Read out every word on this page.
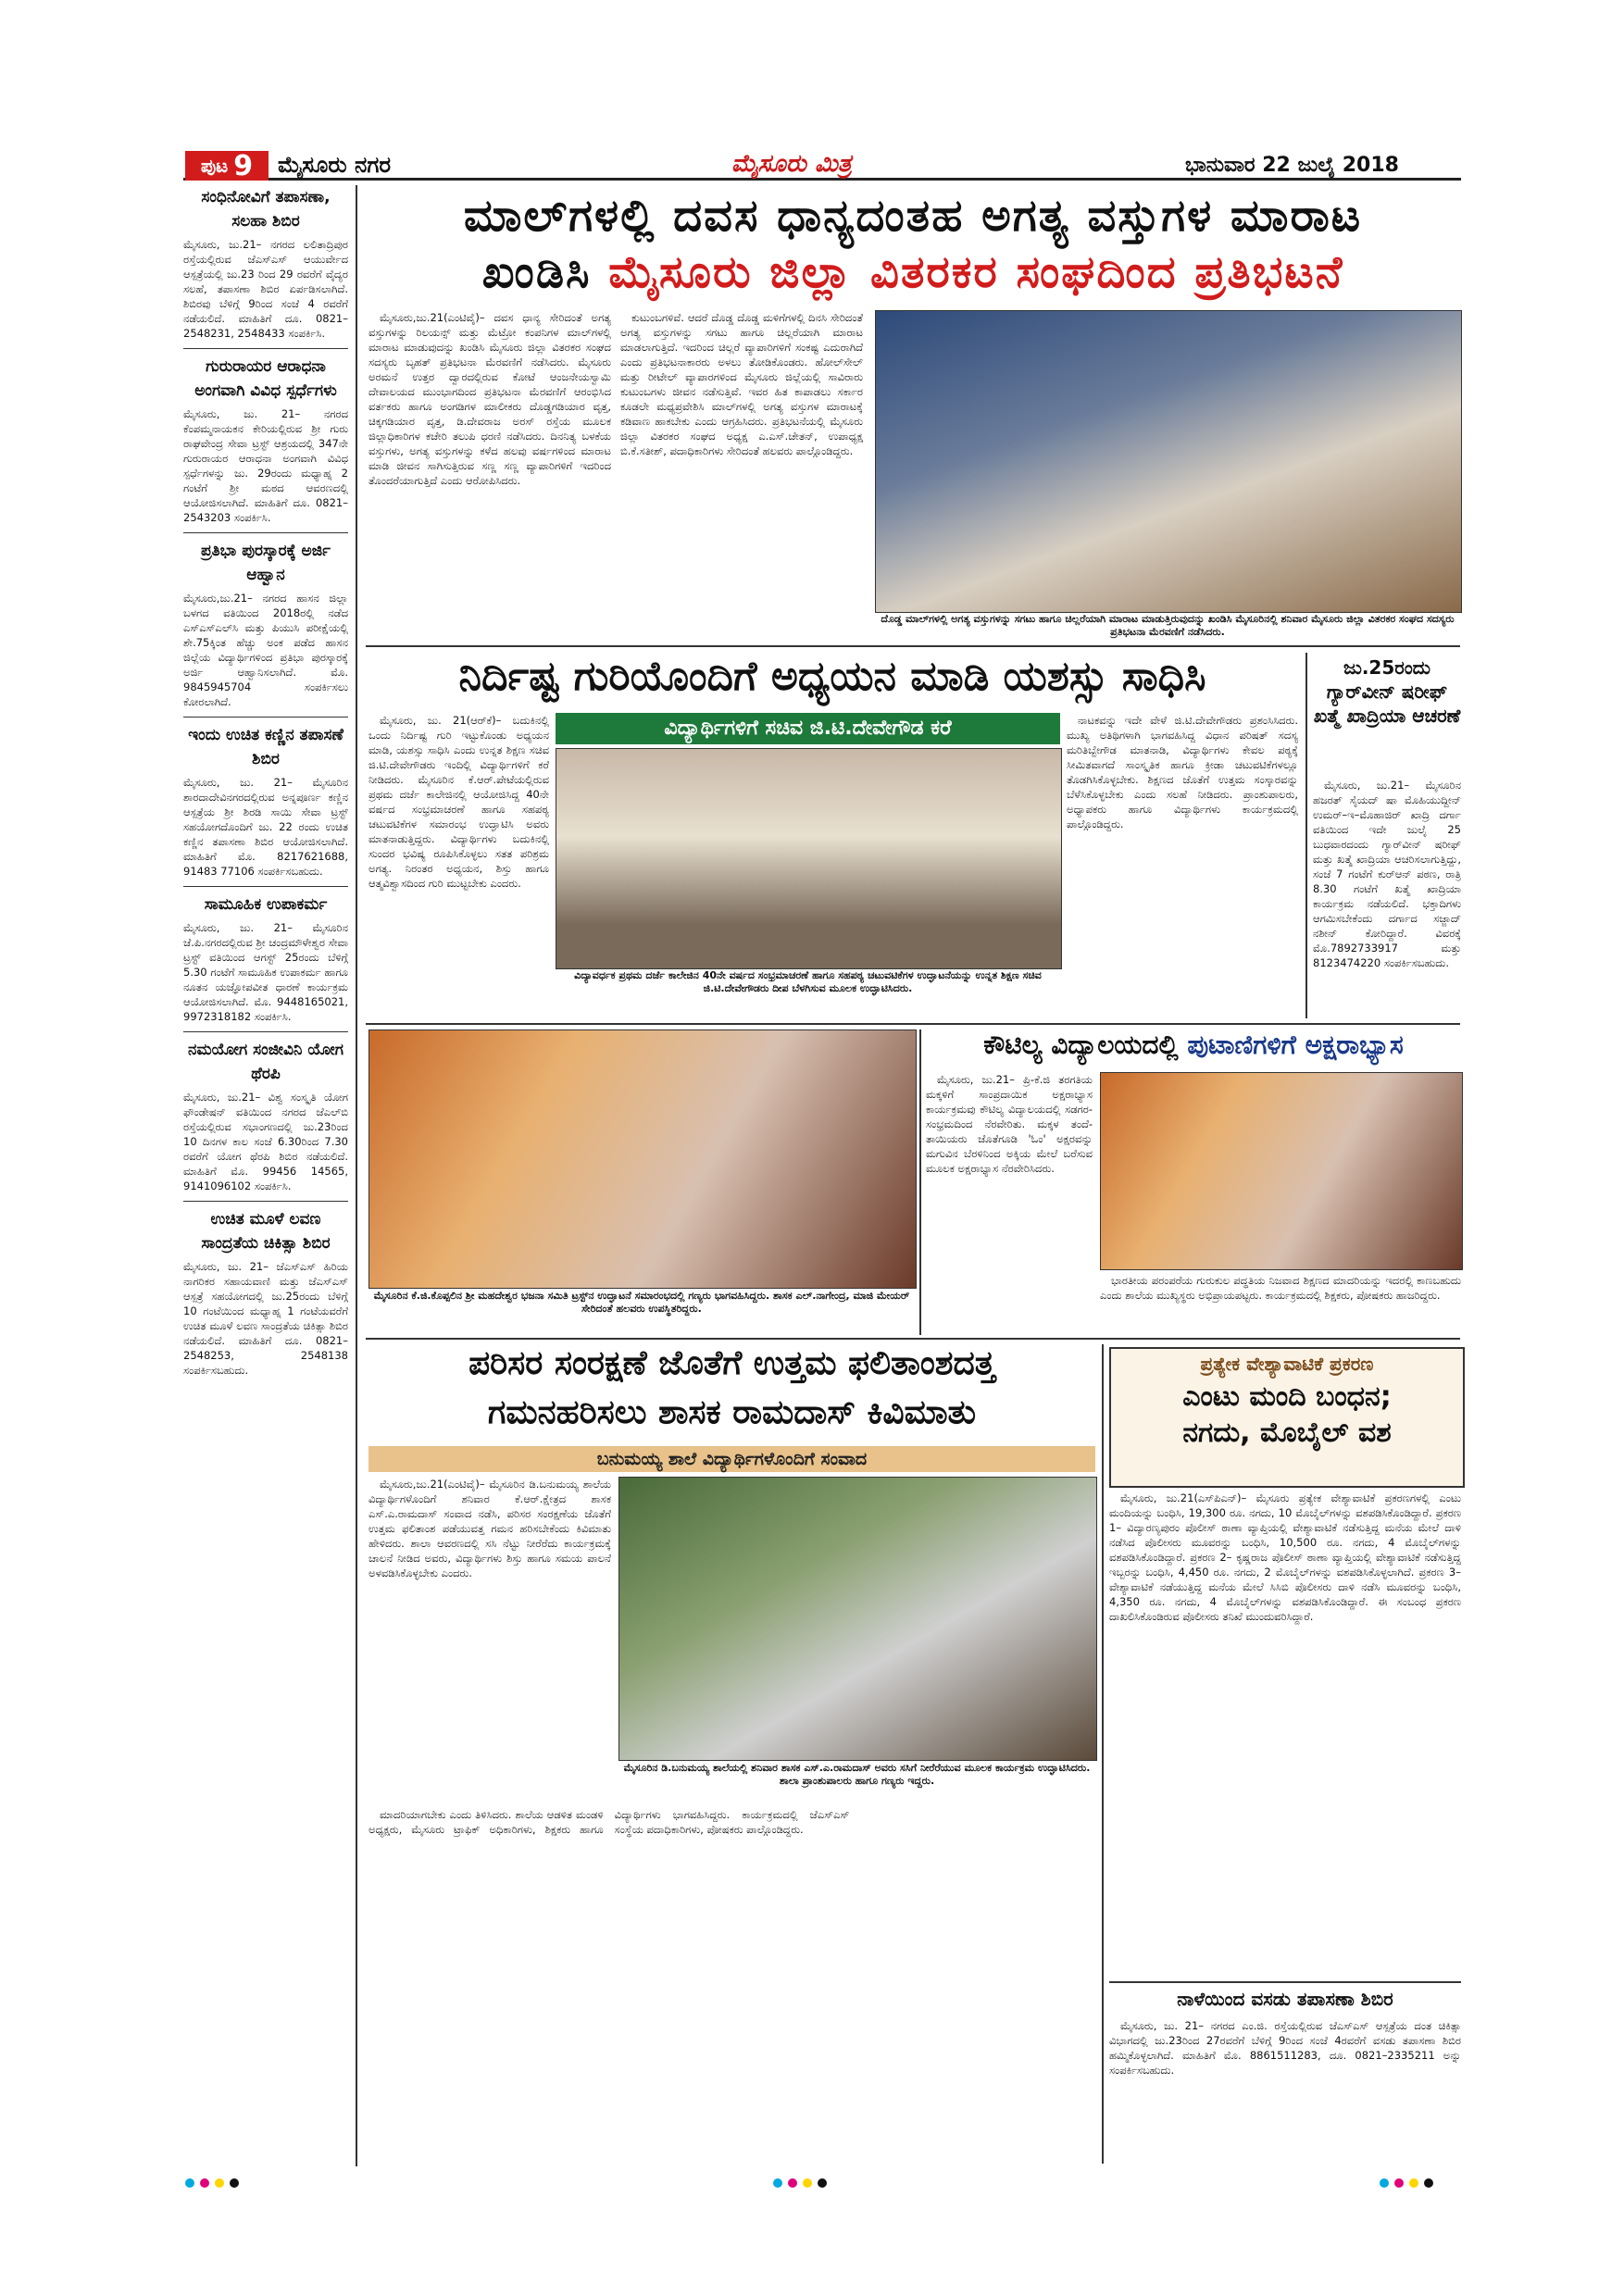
ಪುಟ 9 ಮೈಸೂರು ನಗರ	ಮೈಸೂರು ಮಿತ್ರ	ಭಾನುವಾರ 22 ಜುಲೈ 2018
ಸಂಧಿನೋವಿಗೆ ತಪಾಸಣಾ, ಸಲಹಾ ಶಿಬಿರ
ಮೈಸೂರು, ಜು.21– ನಗರದ ಲಲಿತಾದ್ರಿಪುರ ರಸ್ತೆಯಲ್ಲಿರುವ ಜೆಎಸ್‌ಎಸ್ ಆಯುರ್ವೇದ ಆಸ್ಪತ್ರೆಯಲ್ಲಿ ಜು.23 ರಿಂದ 29 ರವರೆಗೆ ವೈದ್ಯರ ಸಲಹೆ, ತಪಾಸಣಾ ಶಿಬಿರ ಏರ್ಪಡಿಸಲಾಗಿದೆ. ಶಿಬಿರವು ಬೆಳಿಗ್ಗೆ 9ರಿಂದ ಸಂಜೆ 4 ರವರೆಗೆ ನಡೆಯಲಿದೆ. ಮಾಹಿತಿಗೆ ದೂ. 0821–2548231, 2548433 ಸಂಪರ್ಕಿಸಿ.
ಗುರುರಾಯರ ಆರಾಧನಾ ಅಂಗವಾಗಿ ವಿವಿಧ ಸ್ಪರ್ಧೆಗಳು
ಮೈಸೂರು, ಜು. 21– ನಗರದ ಕೆಂಪಮ್ಮನಾಯಕನ ಕೇರಿಯಲ್ಲಿರುವ ಶ್ರೀ ಗುರು ರಾಘವೇಂದ್ರ ಸೇವಾ ಟ್ರಸ್ಟ್ ಆಶ್ರಯದಲ್ಲಿ 347ನೇ ಗುರುರಾಯರ ಆರಾಧನಾ ಅಂಗವಾಗಿ ವಿವಿಧ ಸ್ಪರ್ಧೆಗಳನ್ನು ಜು. 29ರಂದು ಮಧ್ಯಾಹ್ನ 2 ಗಂಟೆಗೆ ಶ್ರೀ ಮಠದ ಆವರಣದಲ್ಲಿ ಆಯೋಜಿಸಲಾಗಿದೆ. ಮಾಹಿತಿಗೆ ದೂ. 0821–2543203 ಸಂಪರ್ಕಿಸಿ.
ಪ್ರತಿಭಾ ಪುರಸ್ಕಾರಕ್ಕೆ ಅರ್ಜಿ ಆಹ್ವಾನ
ಮೈಸೂರು,ಜು.21– ನಗರದ ಹಾಸನ ಜಿಲ್ಲಾ ಬಳಗದ ವತಿಯಿಂದ 2018ರಲ್ಲಿ ನಡೆದ ಎಸ್‌ಎಸ್‌ಎಲ್‌ಸಿ ಮತ್ತು ಪಿಯುಸಿ ಪರೀಕ್ಷೆಯಲ್ಲಿ ಶೇ.75ಕ್ಕಿಂತ ಹೆಚ್ಚು ಅಂಕ ಪಡೆದ ಹಾಸನ ಜಿಲ್ಲೆಯ ವಿದ್ಯಾರ್ಥಿಗಳಿಂದ ಪ್ರತಿಭಾ ಪುರಸ್ಕಾರಕ್ಕೆ ಅರ್ಜಿ ಆಹ್ವಾನಿಸಲಾಗಿದೆ. ಮೊ. 9845945704 ಸಂಪರ್ಕಿಸಲು ಕೋರಲಾಗಿದೆ.
ಇಂದು ಉಚಿತ ಕಣ್ಣಿನ ತಪಾಸಣೆ ಶಿಬಿರ
ಮೈಸೂರು, ಜು. 21– ಮೈಸೂರಿನ ಶಾರದಾದೇವಿನಗರದಲ್ಲಿರುವ ಅನ್ನಪೂರ್ಣ ಕಣ್ಣಿನ ಆಸ್ಪತ್ರೆಯ ಶ್ರೀ ಶಿರಡಿ ಸಾಯಿ ಸೇವಾ ಟ್ರಸ್ಟ್ ಸಹಯೋಗದೊಂದಿಗೆ ಜು. 22 ರಂದು ಉಚಿತ ಕಣ್ಣಿನ ತಪಾಸಣಾ ಶಿಬಿರ ಆಯೋಜಿಸಲಾಗಿದೆ. ಮಾಹಿತಿಗೆ ಮೊ. 8217621688, 91483 77106 ಸಂಪರ್ಕಿಸಬಹುದು.
ಸಾಮೂಹಿಕ ಉಪಾಕರ್ಮ
ಮೈಸೂರು, ಜು. 21– ಮೈಸೂರಿನ ಜೆ.ಪಿ.ನಗರದಲ್ಲಿರುವ ಶ್ರೀ ಚಂದ್ರಮೌಳೇಶ್ವರ ಸೇವಾ ಟ್ರಸ್ಟ್ ವತಿಯಿಂದ ಆಗಸ್ಟ್ 25ರಂದು ಬೆಳಿಗ್ಗೆ 5.30 ಗಂಟೆಗೆ ಸಾಮೂಹಿಕ ಉಪಾಕರ್ಮ ಹಾಗೂ ನೂತನ ಯಜ್ಞೋಪವೀತ ಧಾರಣೆ ಕಾರ್ಯಕ್ರಮ ಆಯೋಜಿಸಲಾಗಿದೆ. ಮೊ. 9448165021, 9972318182 ಸಂಪರ್ಕಿಸಿ.
ನಮಯೋಗ ಸಂಜೀವಿನಿ ಯೋಗ ಥೆರಪಿ
ಮೈಸೂರು, ಜು.21– ವಿಶ್ವ ಸಂಸ್ಕೃತಿ ಯೋಗ ಫೌಂಡೇಷನ್ ವತಿಯಿಂದ ನಗರದ ಜೆಎಲ್‌ಬಿ ರಸ್ತೆಯಲ್ಲಿರುವ ಸಭಾಂಗಣದಲ್ಲಿ ಜು.23ರಿಂದ 10 ದಿನಗಳ ಕಾಲ ಸಂಜೆ 6.30ರಿಂದ 7.30 ರವರೆಗೆ ಯೋಗ ಥೆರಪಿ ಶಿಬಿರ ನಡೆಯಲಿದೆ. ಮಾಹಿತಿಗೆ ಮೊ. 99456 14565, 9141096102 ಸಂಪರ್ಕಿಸಿ.
ಉಚಿತ ಮೂಳೆ ಲವಣ ಸಾಂದ್ರತೆಯ ಚಿಕಿತ್ಸಾ ಶಿಬಿರ
ಮೈಸೂರು, ಜು. 21– ಜೆಎಸ್‌ಎಸ್ ಹಿರಿಯ ನಾಗರಿಕರ ಸಹಾಯವಾಣಿ ಮತ್ತು ಜೆಎಸ್‌ಎಸ್ ಆಸ್ಪತ್ರೆ ಸಹಯೋಗದಲ್ಲಿ ಜು.25ರಂದು ಬೆಳಿಗ್ಗೆ 10 ಗಂಟೆಯಿಂದ ಮಧ್ಯಾಹ್ನ 1 ಗಂಟೆಯವರೆಗೆ ಉಚಿತ ಮೂಳೆ ಲವಣ ಸಾಂದ್ರತೆಯ ಚಿಕಿತ್ಸಾ ಶಿಬಿರ ನಡೆಯಲಿದೆ. ಮಾಹಿತಿಗೆ ದೂ. 0821–2548253, 2548138 ಸಂಪರ್ಕಿಸಬಹುದು.
ಮಾಲ್‌ಗಳಲ್ಲಿ ದವಸ ಧಾನ್ಯದಂತಹ ಅಗತ್ಯ ವಸ್ತುಗಳ ಮಾರಾಟ
ಖಂಡಿಸಿ ಮೈಸೂರು ಜಿಲ್ಲಾ ವಿತರಕರ ಸಂಘದಿಂದ ಪ್ರತಿಭಟನೆ

ಮೈಸೂರು,ಜು.21(ಎಂಟಿವೈ)– ದವಸ ಧಾನ್ಯ ಸೇರಿದಂತೆ ಅಗತ್ಯ ವಸ್ತುಗಳನ್ನು ರಿಲಯನ್ಸ್ ಮತ್ತು ಮೆಟ್ರೋ ಕಂಪನಿಗಳ ಮಾಲ್‌ಗಳಲ್ಲಿ ಮಾರಾಟ ಮಾಡುವುದನ್ನು ಖಂಡಿಸಿ ಮೈಸೂರು ಜಿಲ್ಲಾ ವಿತರಕರ ಸಂಘದ ಸದಸ್ಯರು ಬೃಹತ್ ಪ್ರತಿಭಟನಾ ಮೆರವಣಿಗೆ ನಡೆಸಿದರು. ಮೈಸೂರು ಅರಮನೆ ಉತ್ತರ ದ್ವಾರದಲ್ಲಿರುವ ಕೋಟೆ ಆಂಜನೇಯಸ್ವಾಮಿ ದೇವಾಲಯದ ಮುಂಭಾಗದಿಂದ ಪ್ರತಿಭಟನಾ ಮೆರವಣಿಗೆ ಆರಂಭಿಸಿದ ವರ್ತಕರು ಹಾಗೂ ಅಂಗಡಿಗಳ ಮಾಲೀಕರು ದೊಡ್ಡಗಡಿಯಾರ ವೃತ್ತ, ಚಿಕ್ಕಗಡಿಯಾರ ವೃತ್ತ, ಡಿ.ದೇವರಾಜ ಅರಸ್ ರಸ್ತೆಯ ಮೂಲಕ ಜಿಲ್ಲಾಧಿಕಾರಿಗಳ ಕಚೇರಿ ತಲುಪಿ ಧರಣಿ ನಡೆಸಿದರು. ದಿನನಿತ್ಯ ಬಳಕೆಯ ವಸ್ತುಗಳು, ಅಗತ್ಯ ವಸ್ತುಗಳನ್ನು ಕಳೆದ ಹಲವು ವರ್ಷಗಳಿಂದ ಮಾರಾಟ ಮಾಡಿ ಜೀವನ ಸಾಗಿಸುತ್ತಿರುವ ಸಣ್ಣ ಸಣ್ಣ ವ್ಯಾಪಾರಿಗಳಿಗೆ ಇದರಿಂದ ತೊಂದರೆಯಾಗುತ್ತಿದೆ ಎಂದು ಆರೋಪಿಸಿದರು.

ಕುಟುಂಬಗಳಿವೆ. ಆದರೆ ದೊಡ್ಡ ದೊಡ್ಡ ಮಳಿಗೆಗಳಲ್ಲಿ ದಿನಸಿ ಸೇರಿದಂತೆ ಅಗತ್ಯ ವಸ್ತುಗಳನ್ನು ಸಗಟು ಹಾಗೂ ಚಿಲ್ಲರೆಯಾಗಿ ಮಾರಾಟ ಮಾಡಲಾಗುತ್ತಿದೆ. ಇದರಿಂದ ಚಿಲ್ಲರೆ ವ್ಯಾಪಾರಿಗಳಿಗೆ ಸಂಕಷ್ಟ ಎದುರಾಗಿದೆ ಎಂದು ಪ್ರತಿಭಟನಾಕಾರರು ಅಳಲು ತೋಡಿಕೊಂಡರು. ಹೋಲ್‌ಸೇಲ್ ಮತ್ತು ರೀಟೇಲ್ ವ್ಯಾಪಾರಗಳಿಂದ ಮೈಸೂರು ಜಿಲ್ಲೆಯಲ್ಲಿ ಸಾವಿರಾರು ಕುಟುಂಬಗಳು ಜೀವನ ನಡೆಸುತ್ತಿವೆ. ಇವರ ಹಿತ ಕಾಪಾಡಲು ಸರ್ಕಾರ ಕೂಡಲೇ ಮಧ್ಯಪ್ರವೇಶಿಸಿ ಮಾಲ್‌ಗಳಲ್ಲಿ ಅಗತ್ಯ ವಸ್ತುಗಳ ಮಾರಾಟಕ್ಕೆ ಕಡಿವಾಣ ಹಾಕಬೇಕು ಎಂದು ಆಗ್ರಹಿಸಿದರು. ಪ್ರತಿಭಟನೆಯಲ್ಲಿ ಮೈಸೂರು ಜಿಲ್ಲಾ ವಿತರಕರ ಸಂಘದ ಅಧ್ಯಕ್ಷ ಎ.ಎಸ್.ಚೇತನ್, ಉಪಾಧ್ಯಕ್ಷ ಬಿ.ಕೆ.ಸತೀಶ್, ಪದಾಧಿಕಾರಿಗಳು ಸೇರಿದಂತೆ ಹಲವರು ಪಾಲ್ಗೊಂಡಿದ್ದರು.

ದೊಡ್ಡ ಮಾಲ್‌ಗಳಲ್ಲಿ ಅಗತ್ಯ ವಸ್ತುಗಳನ್ನು ಸಗಟು ಹಾಗೂ ಚಿಲ್ಲರೆಯಾಗಿ ಮಾರಾಟ ಮಾಡುತ್ತಿರುವುದನ್ನು ಖಂಡಿಸಿ ಮೈಸೂರಿನಲ್ಲಿ ಶನಿವಾರ ಮೈಸೂರು ಜಿಲ್ಲಾ ವಿತರಕರ ಸಂಘದ ಸದಸ್ಯರು ಪ್ರತಿಭಟನಾ ಮೆರವಣಿಗೆ ನಡೆಸಿದರು.
ನಿರ್ದಿಷ್ಟ ಗುರಿಯೊಂದಿಗೆ ಅಧ್ಯಯನ ಮಾಡಿ ಯಶಸ್ಸು ಸಾಧಿಸಿ
ವಿದ್ಯಾರ್ಥಿಗಳಿಗೆ ಸಚಿವ ಜಿ.ಟಿ.ದೇವೇಗೌಡ ಕರೆ

ಮೈಸೂರು, ಜು. 21(ಆರ್‌ಕೆ)– ಬದುಕಿನಲ್ಲಿ ಒಂದು ನಿರ್ದಿಷ್ಟ ಗುರಿ ಇಟ್ಟುಕೊಂಡು ಅಧ್ಯಯನ ಮಾಡಿ, ಯಶಸ್ಸು ಸಾಧಿಸಿ ಎಂದು ಉನ್ನತ ಶಿಕ್ಷಣ ಸಚಿವ ಜಿ.ಟಿ.ದೇವೇಗೌಡರು ಇಂದಿಲ್ಲಿ ವಿದ್ಯಾರ್ಥಿಗಳಿಗೆ ಕರೆ ನೀಡಿದರು. ಮೈಸೂರಿನ ಕೆ.ಆರ್.ಪೇಟೆಯಲ್ಲಿರುವ ಪ್ರಥಮ ದರ್ಜೆ ಕಾಲೇಜಿನಲ್ಲಿ ಆಯೋಜಿಸಿದ್ದ 40ನೇ ವರ್ಷದ ಸಂಭ್ರಮಾಚರಣೆ ಹಾಗೂ ಸಹಪಠ್ಯ ಚಟುವಟಿಕೆಗಳ ಸಮಾರಂಭ ಉದ್ಘಾಟಿಸಿ ಅವರು ಮಾತನಾಡುತ್ತಿದ್ದರು. ವಿದ್ಯಾರ್ಥಿಗಳು ಬದುಕಿನಲ್ಲಿ ಸುಂದರ ಭವಿಷ್ಯ ರೂಪಿಸಿಕೊಳ್ಳಲು ಸತತ ಪರಿಶ್ರಮ ಅಗತ್ಯ. ನಿರಂತರ ಅಧ್ಯಯನ, ಶಿಸ್ತು ಹಾಗೂ ಆತ್ಮವಿಶ್ವಾಸದಿಂದ ಗುರಿ ಮುಟ್ಟಬೇಕು ಎಂದರು.

ವಿದ್ಯಾವರ್ಧಕ ಪ್ರಥಮ ದರ್ಜೆ ಕಾಲೇಜಿನ 40ನೇ ವರ್ಷದ ಸಂಭ್ರಮಾಚರಣೆ ಹಾಗೂ ಸಹಪಠ್ಯ ಚಟುವಟಿಕೆಗಳ ಉದ್ಘಾಟನೆಯನ್ನು ಉನ್ನತ ಶಿಕ್ಷಣ ಸಚಿವ ಜಿ.ಟಿ.ದೇವೇಗೌಡರು ದೀಪ ಬೆಳಗಿಸುವ ಮೂಲಕ ಉದ್ಘಾಟಿಸಿದರು.

ನಾಟಕವನ್ನು ಇದೇ ವೇಳೆ ಜಿ.ಟಿ.ದೇವೇಗೌಡರು ಪ್ರಶಂಸಿಸಿದರು. ಮುಖ್ಯ ಅತಿಥಿಗಳಾಗಿ ಭಾಗವಹಿಸಿದ್ದ ವಿಧಾನ ಪರಿಷತ್ ಸದಸ್ಯ ಮರಿತಿಬ್ಬೇಗೌಡ ಮಾತನಾಡಿ, ವಿದ್ಯಾರ್ಥಿಗಳು ಕೇವಲ ಪಠ್ಯಕ್ಕೆ ಸೀಮಿತವಾಗದೆ ಸಾಂಸ್ಕೃತಿಕ ಹಾಗೂ ಕ್ರೀಡಾ ಚಟುವಟಿಕೆಗಳಲ್ಲೂ ತೊಡಗಿಸಿಕೊಳ್ಳಬೇಕು. ಶಿಕ್ಷಣದ ಜೊತೆಗೆ ಉತ್ತಮ ಸಂಸ್ಕಾರವನ್ನು ಬೆಳೆಸಿಕೊಳ್ಳಬೇಕು ಎಂದು ಸಲಹೆ ನೀಡಿದರು. ಪ್ರಾಂಶುಪಾಲರು, ಅಧ್ಯಾಪಕರು ಹಾಗೂ ವಿದ್ಯಾರ್ಥಿಗಳು ಕಾರ್ಯಕ್ರಮದಲ್ಲಿ ಪಾಲ್ಗೊಂಡಿದ್ದರು.

ಜು.25ರಂದು ಗ್ಯಾರ್‌ವೀನ್ ಷರೀಫ್ ಖತ್ಮೆ ಖಾದ್ರಿಯಾ ಆಚರಣೆ

ಮೈಸೂರು, ಜು.21– ಮೈಸೂರಿನ ಹಜರತ್ ಸೈಯದ್ ಷಾ ಮೊಹಿಯುದ್ದೀನ್ ಉಮರ್–ಇ–ಮೊಹಾಜಿರ್ ಖಾದ್ರಿ ದರ್ಗಾ ವತಿಯಿಂದ ಇದೇ ಜುಲೈ 25 ಬುಧವಾರದಂದು ಗ್ಯಾರ್‌ವೀನ್ ಷರೀಫ್ ಮತ್ತು ಖತ್ಮೆ ಖಾದ್ರಿಯಾ ಆಚರಿಸಲಾಗುತ್ತಿದ್ದು, ಸಂಜೆ 7 ಗಂಟೆಗೆ ಕುರ್‌ಆನ್ ಪಠಣ, ರಾತ್ರಿ 8.30 ಗಂಟೆಗೆ ಖತ್ಮೆ ಖಾದ್ರಿಯಾ ಕಾರ್ಯಕ್ರಮ ನಡೆಯಲಿದೆ. ಭಕ್ತಾದಿಗಳು ಆಗಮಿಸಬೇಕೆಂದು ದರ್ಗಾದ ಸಜ್ಜಾದ್ ನಶೀನ್ ಕೋರಿದ್ದಾರೆ. ವಿವರಕ್ಕೆ ಮೊ.7892733917 ಮತ್ತು 8123474220 ಸಂಪರ್ಕಿಸಬಹುದು.

ಮೈಸೂರಿನ ಕೆ.ಜಿ.ಕೊಪ್ಪಲಿನ ಶ್ರೀ ಮಹದೇಶ್ವರ ಭಜನಾ ಸಮಿತಿ ಟ್ರಸ್ಟ್‌ನ ಉದ್ಘಾಟನೆ ಸಮಾರಂಭದಲ್ಲಿ ಗಣ್ಯರು ಭಾಗವಹಿಸಿದ್ದರು. ಶಾಸಕ ಎಲ್.ನಾಗೇಂದ್ರ, ಮಾಜಿ ಮೇಯರ್ ಸೇರಿದಂತೆ ಹಲವರು ಉಪಸ್ಥಿತರಿದ್ದರು.
ಕೌಟಿಲ್ಯ ವಿದ್ಯಾಲಯದಲ್ಲಿ ಪುಟಾಣಿಗಳಿಗೆ ಅಕ್ಷರಾಭ್ಯಾಸ

ಮೈಸೂರು, ಜು.21– ಪ್ರಿ-ಕೆ.ಜಿ ತರಗತಿಯ ಮಕ್ಕಳಿಗೆ ಸಾಂಪ್ರದಾಯಿಕ ಅಕ್ಷರಾಭ್ಯಾಸ ಕಾರ್ಯಕ್ರಮವು ಕೌಟಿಲ್ಯ ವಿದ್ಯಾಲಯದಲ್ಲಿ ಸಡಗರ-ಸಂಭ್ರಮದಿಂದ ನೆರವೇರಿತು. ಮಕ್ಕಳ ತಂದೆ-ತಾಯಿಯರು ಜೊತೆಗೂಡಿ 'ಓಂ' ಅಕ್ಷರವನ್ನು ಮಗುವಿನ ಬೆರಳಿನಿಂದ ಅಕ್ಕಿಯ ಮೇಲೆ ಬರೆಸುವ ಮೂಲಕ ಅಕ್ಷರಾಭ್ಯಾಸ ನೆರವೇರಿಸಿದರು.

ಭಾರತೀಯ ಪರಂಪರೆಯ ಗುರುಕುಲ ಪದ್ಧತಿಯ ನಿಜವಾದ ಶಿಕ್ಷಣದ ಮಾದರಿಯನ್ನು ಇದರಲ್ಲಿ ಕಾಣಬಹುದು ಎಂದು ಶಾಲೆಯ ಮುಖ್ಯಸ್ಥರು ಅಭಿಪ್ರಾಯಪಟ್ಟರು. ಕಾರ್ಯಕ್ರಮದಲ್ಲಿ ಶಿಕ್ಷಕರು, ಪೋಷಕರು ಹಾಜರಿದ್ದರು.

ಪರಿಸರ ಸಂರಕ್ಷಣೆ ಜೊತೆಗೆ ಉತ್ತಮ ಫಲಿತಾಂಶದತ್ತ
ಗಮನಹರಿಸಲು ಶಾಸಕ ರಾಮದಾಸ್ ಕಿವಿಮಾತು
ಬನುಮಯ್ಯ ಶಾಲೆ ವಿದ್ಯಾರ್ಥಿಗಳೊಂದಿಗೆ ಸಂವಾದ

ಮೈಸೂರು,ಜು.21(ಎಂಟಿವೈ)– ಮೈಸೂರಿನ ಡಿ.ಬನುಮಯ್ಯ ಶಾಲೆಯ ವಿದ್ಯಾರ್ಥಿಗಳೊಂದಿಗೆ ಶನಿವಾರ ಕೆ.ಆರ್.ಕ್ಷೇತ್ರದ ಶಾಸಕ ಎಸ್.ಎ.ರಾಮದಾಸ್ ಸಂವಾದ ನಡೆಸಿ, ಪರಿಸರ ಸಂರಕ್ಷಣೆಯ ಜೊತೆಗೆ ಉತ್ತಮ ಫಲಿತಾಂಶ ಪಡೆಯುವತ್ತ ಗಮನ ಹರಿಸಬೇಕೆಂದು ಕಿವಿಮಾತು ಹೇಳಿದರು. ಶಾಲಾ ಆವರಣದಲ್ಲಿ ಸಸಿ ನೆಟ್ಟು ನೀರೆರೆದು ಕಾರ್ಯಕ್ರಮಕ್ಕೆ ಚಾಲನೆ ನೀಡಿದ ಅವರು, ವಿದ್ಯಾರ್ಥಿಗಳು ಶಿಸ್ತು ಹಾಗೂ ಸಮಯ ಪಾಲನೆ ಅಳವಡಿಸಿಕೊಳ್ಳಬೇಕು ಎಂದರು.

ಮೈಸೂರಿನ ಡಿ.ಬನುಮಯ್ಯ ಶಾಲೆಯಲ್ಲಿ ಶನಿವಾರ ಶಾಸಕ ಎಸ್.ಎ.ರಾಮದಾಸ್ ಅವರು ಸಸಿಗೆ ನೀರೆರೆಯುವ ಮೂಲಕ ಕಾರ್ಯಕ್ರಮ ಉದ್ಘಾಟಿಸಿದರು. ಶಾಲಾ ಪ್ರಾಂಶುಪಾಲರು ಹಾಗೂ ಗಣ್ಯರು ಇದ್ದರು.

ಮಾದರಿಯಾಗಬೇಕು ಎಂದು ತಿಳಿಸಿದರು. ಶಾಲೆಯ ಆಡಳಿತ ಮಂಡಳಿ ಅಧ್ಯಕ್ಷರು, ಮೈಸೂರು ಟ್ರಾಫಿಕ್ ಅಧಿಕಾರಿಗಳು, ಶಿಕ್ಷಕರು ಹಾಗೂ ವಿದ್ಯಾರ್ಥಿಗಳು ಭಾಗವಹಿಸಿದ್ದರು. ಕಾರ್ಯಕ್ರಮದಲ್ಲಿ ಜೆಎಸ್‌ಎಸ್ ಸಂಸ್ಥೆಯ ಪದಾಧಿಕಾರಿಗಳು, ಪೋಷಕರು ಪಾಲ್ಗೊಂಡಿದ್ದರು.

ಪ್ರತ್ಯೇಕ ವೇಶ್ಯಾವಾಟಿಕೆ ಪ್ರಕರಣ
ಎಂಟು ಮಂದಿ ಬಂಧನ;
ನಗದು, ಮೊಬೈಲ್ ವಶ

ಮೈಸೂರು, ಜು.21(ಎಸ್‌ಪಿಎನ್)– ಮೈಸೂರು ಪ್ರತ್ಯೇಕ ವೇಶ್ಯಾವಾಟಿಕೆ ಪ್ರಕರಣಗಳಲ್ಲಿ ಎಂಟು ಮಂದಿಯನ್ನು ಬಂಧಿಸಿ, 19,300 ರೂ. ನಗದು, 10 ಮೊಬೈಲ್‌ಗಳನ್ನು ವಶಪಡಿಸಿಕೊಂಡಿದ್ದಾರೆ. ಪ್ರಕರಣ 1– ವಿದ್ಯಾರಣ್ಯಪುರಂ ಪೊಲೀಸ್ ಠಾಣಾ ವ್ಯಾಪ್ತಿಯಲ್ಲಿ ವೇಶ್ಯಾವಾಟಿಕೆ ನಡೆಸುತ್ತಿದ್ದ ಮನೆಯ ಮೇಲೆ ದಾಳಿ ನಡೆಸಿದ ಪೊಲೀಸರು ಮೂವರನ್ನು ಬಂಧಿಸಿ, 10,500 ರೂ. ನಗದು, 4 ಮೊಬೈಲ್‌ಗಳನ್ನು ವಶಪಡಿಸಿಕೊಂಡಿದ್ದಾರೆ. ಪ್ರಕರಣ 2– ಕೃಷ್ಣರಾಜ ಪೊಲೀಸ್ ಠಾಣಾ ವ್ಯಾಪ್ತಿಯಲ್ಲಿ ವೇಶ್ಯಾವಾಟಿಕೆ ನಡೆಸುತ್ತಿದ್ದ ಇಬ್ಬರನ್ನು ಬಂಧಿಸಿ, 4,450 ರೂ. ನಗದು, 2 ಮೊಬೈಲ್‌ಗಳನ್ನು ವಶಪಡಿಸಿಕೊಳ್ಳಲಾಗಿದೆ. ಪ್ರಕರಣ 3– ವೇಶ್ಯಾವಾಟಿಕೆ ನಡೆಯುತ್ತಿದ್ದ ಮನೆಯ ಮೇಲೆ ಸಿಸಿಬಿ ಪೊಲೀಸರು ದಾಳಿ ನಡೆಸಿ ಮೂವರನ್ನು ಬಂಧಿಸಿ, 4,350 ರೂ. ನಗದು, 4 ಮೊಬೈಲ್‌ಗಳನ್ನು ವಶಪಡಿಸಿಕೊಂಡಿದ್ದಾರೆ. ಈ ಸಂಬಂಧ ಪ್ರಕರಣ ದಾಖಲಿಸಿಕೊಂಡಿರುವ ಪೊಲೀಸರು ತನಿಖೆ ಮುಂದುವರಿಸಿದ್ದಾರೆ.

ನಾಳೆಯಿಂದ ವಸಡು ತಪಾಸಣಾ ಶಿಬಿರ

ಮೈಸೂರು, ಜು. 21– ನಗರದ ಎಂ.ಜಿ. ರಸ್ತೆಯಲ್ಲಿರುವ ಜೆಎಸ್‌ಎಸ್ ಆಸ್ಪತ್ರೆಯ ದಂತ ಚಿಕಿತ್ಸಾ ವಿಭಾಗದಲ್ಲಿ ಜು.23ರಿಂದ 27ರವರೆಗೆ ಬೆಳಿಗ್ಗೆ 9ರಿಂದ ಸಂಜೆ 4ರವರೆಗೆ ವಸಡು ತಪಾಸಣಾ ಶಿಬಿರ ಹಮ್ಮಿಕೊಳ್ಳಲಾಗಿದೆ. ಮಾಹಿತಿಗೆ ಮೊ. 8861511283, ದೂ. 0821–2335211 ಅನ್ನು ಸಂಪರ್ಕಿಸಬಹುದು.
